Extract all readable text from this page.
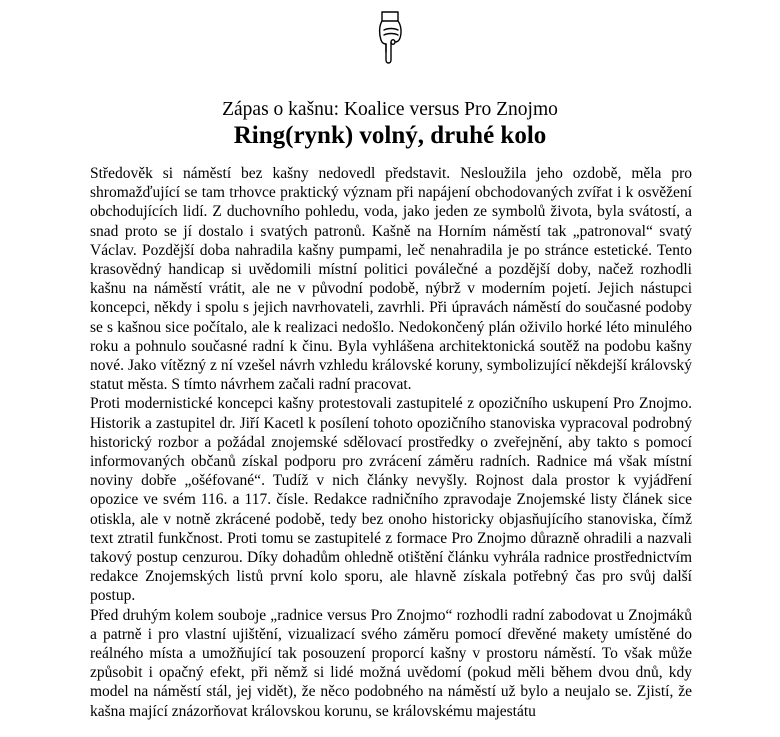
Zápas o kašnu: Koalice versus Pro Znojmo
Ring(rynk) volný, druhé kolo

Středověk si náměstí bez kašny nedovedl představit. Nesloužila jeho ozdobě, měla pro shromažďující se tam trhovce praktický význam při napájení obchodovaných zvířat i k osvěžení obchodujících lidí. Z duchovního pohledu, voda, jako jeden ze symbolů života, byla svátostí, a snad proto se jí dostalo i svatých patronů. Kašně na Horním náměstí tak „patronoval“ svatý Václav. Pozdější doba nahradila kašny pumpami, leč nenahradila je po stránce estetické. Tento krasovědný handicap si uvědomili místní politici poválečné a pozdější doby, načež rozhodli kašnu na náměstí vrátit, ale ne v původní podobě, nýbrž v moderním pojetí. Jejich nástupci koncepci, někdy i spolu s jejich navrhovateli, zavrhli. Při úpravách náměstí do současné podoby se s kašnou sice počítalo, ale k realizaci nedošlo. Nedokončený plán oživilo horké léto minulého roku a pohnulo současné radní k činu. Byla vyhlášena architektonická soutěž na podobu kašny nové. Jako vítězný z ní vzešel návrh vzhledu královské koruny, symbolizující někdejší královský statut města. S tímto návrhem začali radní pracovat.

Proti modernistické koncepci kašny protestovali zastupitelé z opozičního uskupení Pro Znojmo. Historik a zastupitel dr. Jiří Kacetl k posílení tohoto opozičního stanoviska vypracoval podrobný historický rozbor a požádal znojemské sdělovací prostředky o zveřejnění, aby takto s pomocí informovaných občanů získal podporu pro zvrácení záměru radních. Radnice má však místní noviny dobře „ošéfované“. Tudíž v nich články nevyšly. Rojnost dala prostor k vyjádření opozice ve svém 116. a 117. čísle. Redakce radničního zpravodaje Znojemské listy článek sice otiskla, ale v notně zkrácené podobě, tedy bez onoho historicky objasňujícího stanoviska, čímž text ztratil funkčnost. Proti tomu se zastupitelé z formace Pro Znojmo důrazně ohradili a nazvali takový postup cenzurou. Díky dohadům ohledně otištění článku vyhrála radnice prostřednictvím redakce Znojemských listů první kolo sporu, ale hlavně získala potřebný čas pro svůj další postup.

Před druhým kolem souboje „radnice versus Pro Znojmo“ rozhodli radní zabodovat u Znojmáků a patrně i pro vlastní ujištění, vizualizací svého záměru pomocí dřevěné makety umístěné do reálného místa a umožňující tak posouzení proporcí kašny v prostoru náměstí. To však může způsobit i opačný efekt, při němž si lidé možná uvědomí (pokud měli během dvou dnů, kdy model na náměstí stál, jej vidět), že něco podobného na náměstí už bylo a neujalo se. Zjistí, že kašna mající znázorňovat královskou korunu, se královskému majestátu
